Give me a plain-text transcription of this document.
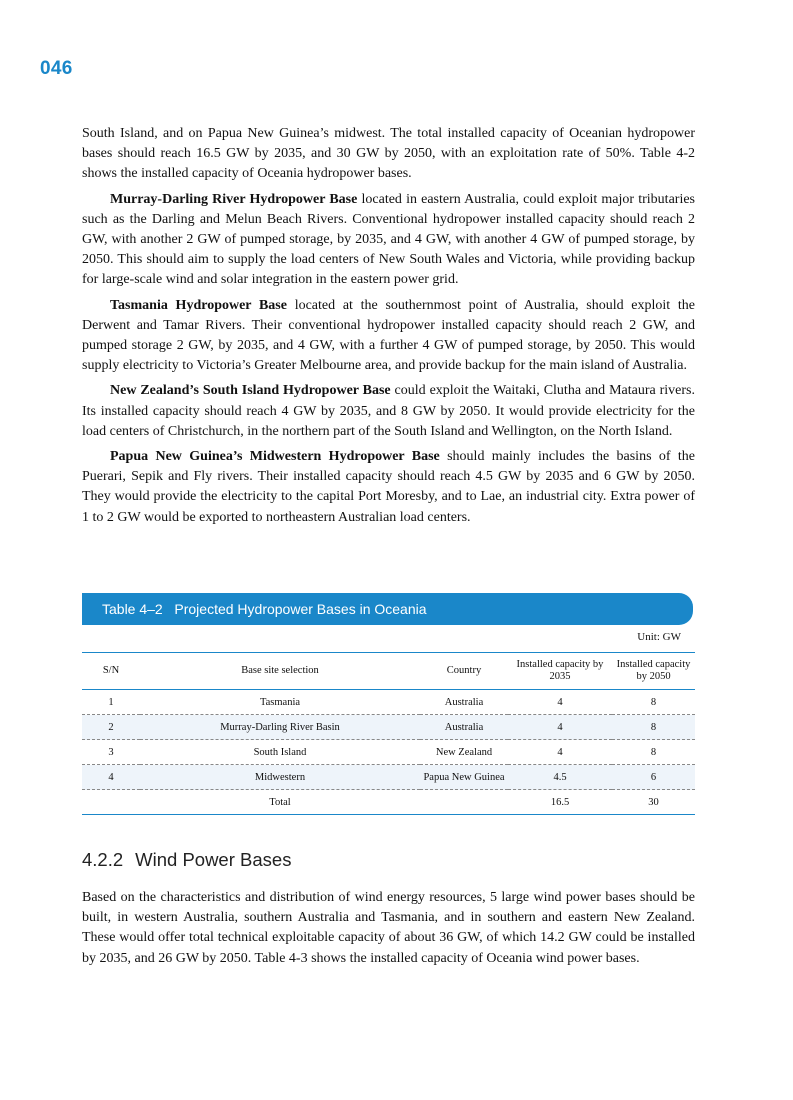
046

South Island, and on Papua New Guinea’s midwest. The total installed capacity of Oceanian hydropower bases should reach 16.5 GW by 2035, and 30 GW by 2050, with an exploitation rate of 50%. Table 4-2 shows the installed capacity of Oceania hydropower bases.

Murray-Darling River Hydropower Base located in eastern Australia, could exploit major tributaries such as the Darling and Melun Beach Rivers. Conventional hydropower installed capacity should reach 2 GW, with another 2 GW of pumped storage, by 2035, and 4 GW, with another 4 GW of pumped storage, by 2050. This should aim to supply the load centers of New South Wales and Victoria, while providing backup for large-scale wind and solar integration in the eastern power grid.

Tasmania Hydropower Base located at the southernmost point of Australia, should exploit the Derwent and Tamar Rivers. Their conventional hydropower installed capacity should reach 2 GW, and pumped storage 2 GW, by 2035, and 4 GW, with a further 4 GW of pumped storage, by 2050. This would supply electricity to Victoria’s Greater Melbourne area, and provide backup for the main island of Australia.

New Zealand’s South Island Hydropower Base could exploit the Waitaki, Clutha and Mataura rivers. Its installed capacity should reach 4 GW by 2035, and 8 GW by 2050. It would provide electricity for the load centers of Christchurch, in the northern part of the South Island and Wellington, on the North Island.

Papua New Guinea’s Midwestern Hydropower Base should mainly includes the basins of the Puerari, Sepik and Fly rivers. Their installed capacity should reach 4.5 GW by 2035 and 6 GW by 2050. They would provide the electricity to the capital Port Moresby, and to Lae, an industrial city. Extra power of 1 to 2 GW would be exported to northeastern Australian load centers.

Table 4–2   Projected Hydropower Bases in Oceania
Unit: GW
S/N	Base site selection	Country	Installed capacity by 2035	Installed capacity by 2050
1	Tasmania	Australia	4	8
2	Murray-Darling River Basin	Australia	4	8
3	South Island	New Zealand	4	8
4	Midwestern	Papua New Guinea	4.5	6
	Total		16.5	30
4.2.2 Wind Power Bases

Based on the characteristics and distribution of wind energy resources, 5 large wind power bases should be built, in western Australia, southern Australia and Tasmania, and in southern and eastern New Zealand. These would offer total technical exploitable capacity of about 36 GW, of which 14.2 GW could be installed by 2035, and 26 GW by 2050. Table 4-3 shows the installed capacity of Oceania wind power bases.
